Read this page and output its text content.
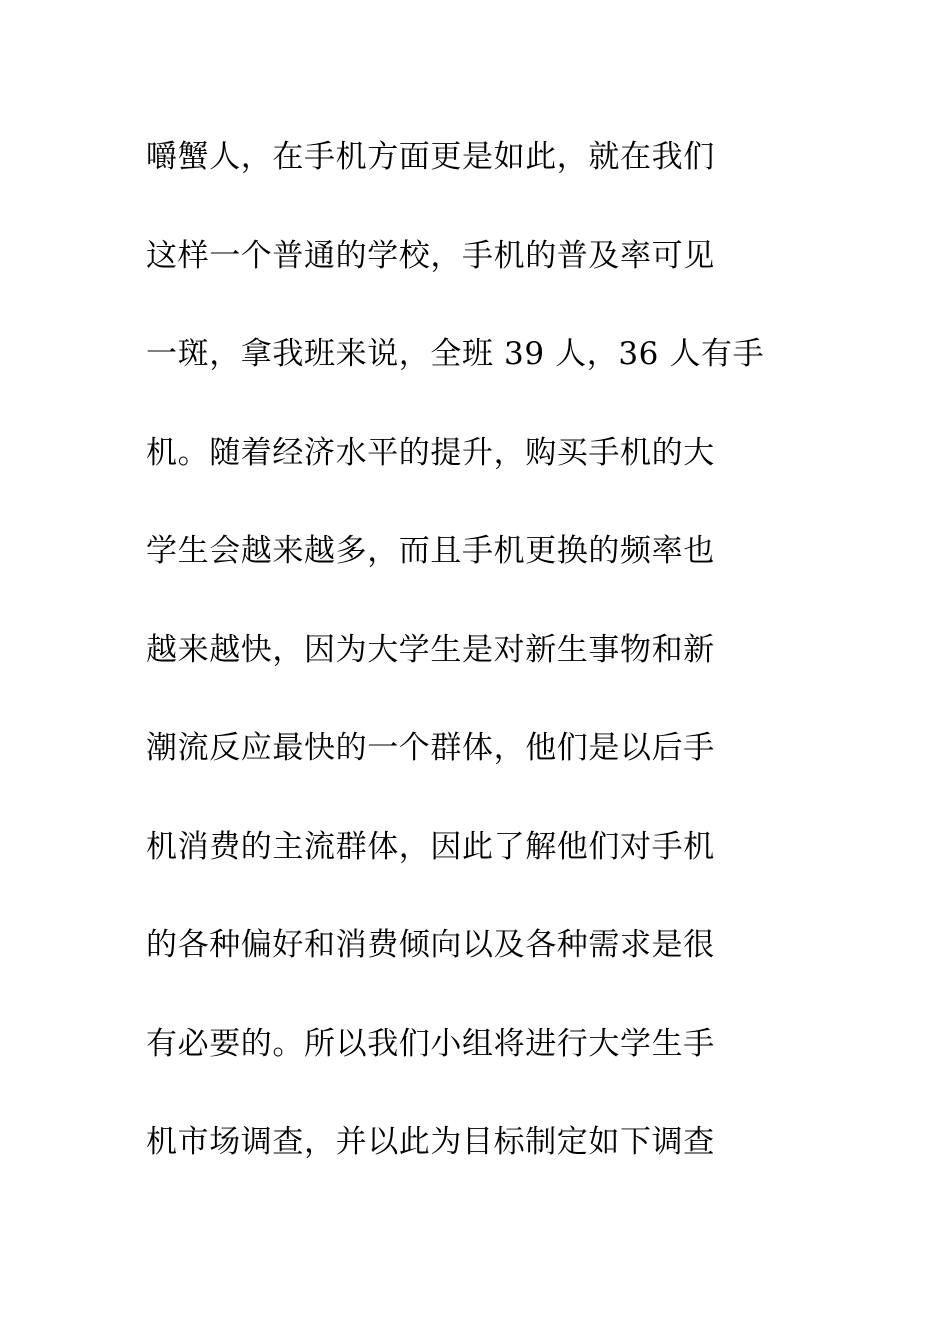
嚼蟹人，在手机方面更是如此，就在我们
这样一个普通的学校，手机的普及率可见
一斑，拿我班来说，全班 39 人，36 人有手
机。随着经济水平的提升，购买手机的大
学生会越来越多，而且手机更换的频率也
越来越快，因为大学生是对新生事物和新
潮流反应最快的一个群体，他们是以后手
机消费的主流群体，因此了解他们对手机
的各种偏好和消费倾向以及各种需求是很
有必要的。所以我们小组将进行大学生手
机市场调查，并以此为目标制定如下调查
